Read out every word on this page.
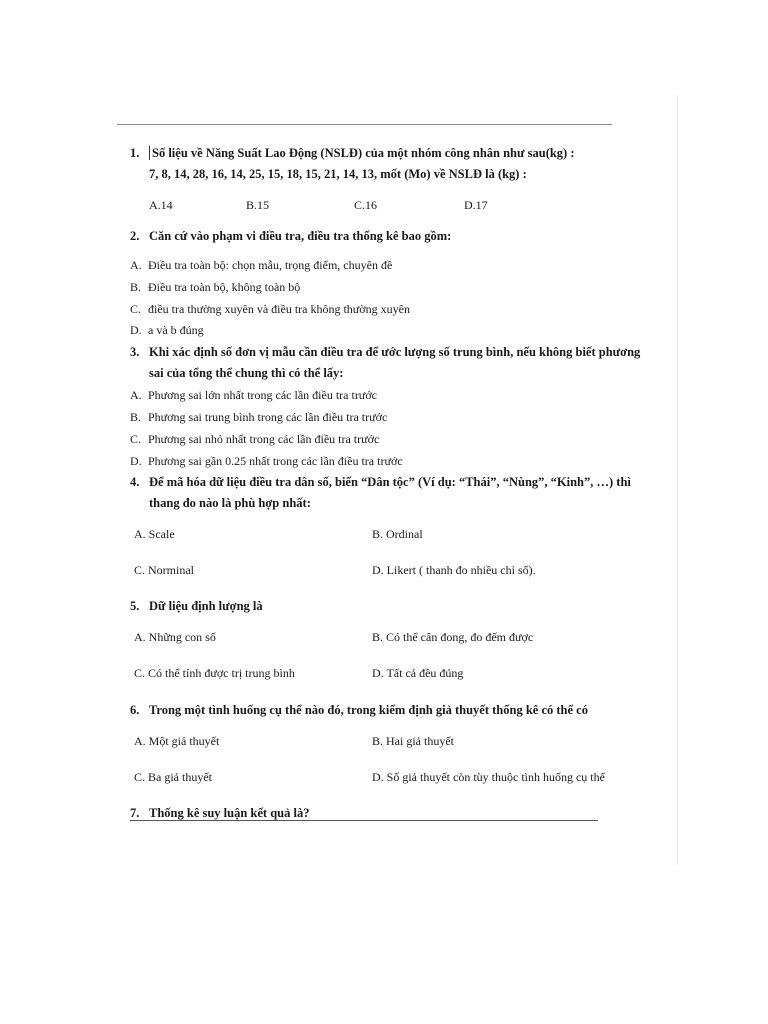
1. Số liệu về Năng Suất Lao Động (NSLĐ) của một nhóm công nhân như sau(kg) :
7, 8, 14, 28, 16, 14, 25, 15, 18, 15, 21, 14, 13, mốt (Mo) về NSLĐ là (kg) :
A.14	B.15	C.16	D.17
2. Căn cứ vào phạm vi điều tra, điều tra thống kê bao gồm:
A. Điều tra toàn bộ: chọn mẫu, trọng điểm, chuyên đề
B. Điều tra toàn bộ, không toàn bộ
C. điều tra thường xuyên và điều tra không thường xuyên
D. a và b đúng
3. Khi xác định số đơn vị mẫu cần điều tra để ước lượng số trung bình, nếu không biết phương
sai của tổng thể chung thì có thể lấy:
A. Phương sai lớn nhất trong các lần điều tra trước
B. Phương sai trung bình trong các lần điều tra trước
C. Phương sai nhỏ nhất trong các lần điều tra trước
D. Phương sai gần 0.25 nhất trong các lần điều tra trước
4. Để mã hóa dữ liệu điều tra dân số, biến “Dân tộc” (Ví dụ: “Thái”, “Nùng”, “Kinh”, …) thì
thang đo nào là phù hợp nhất:
A. Scale	B. Ordinal
C. Norminal	D. Likert ( thanh đo nhiều chỉ số).
5. Dữ liệu định lượng là
A. Những con số	B. Có thể cân đong, đo đếm được
C. Có thể tính được trị trung bình	D. Tất cả đều đúng
6. Trong một tình huống cụ thể nào đó, trong kiểm định giả thuyết thống kê có thể có
A. Một giả thuyết	B. Hai giả thuyết
C. Ba giả thuyết	D. Số giả thuyết còn tùy thuộc tình huống cụ thể
7. Thống kê suy luận kết quả là?
